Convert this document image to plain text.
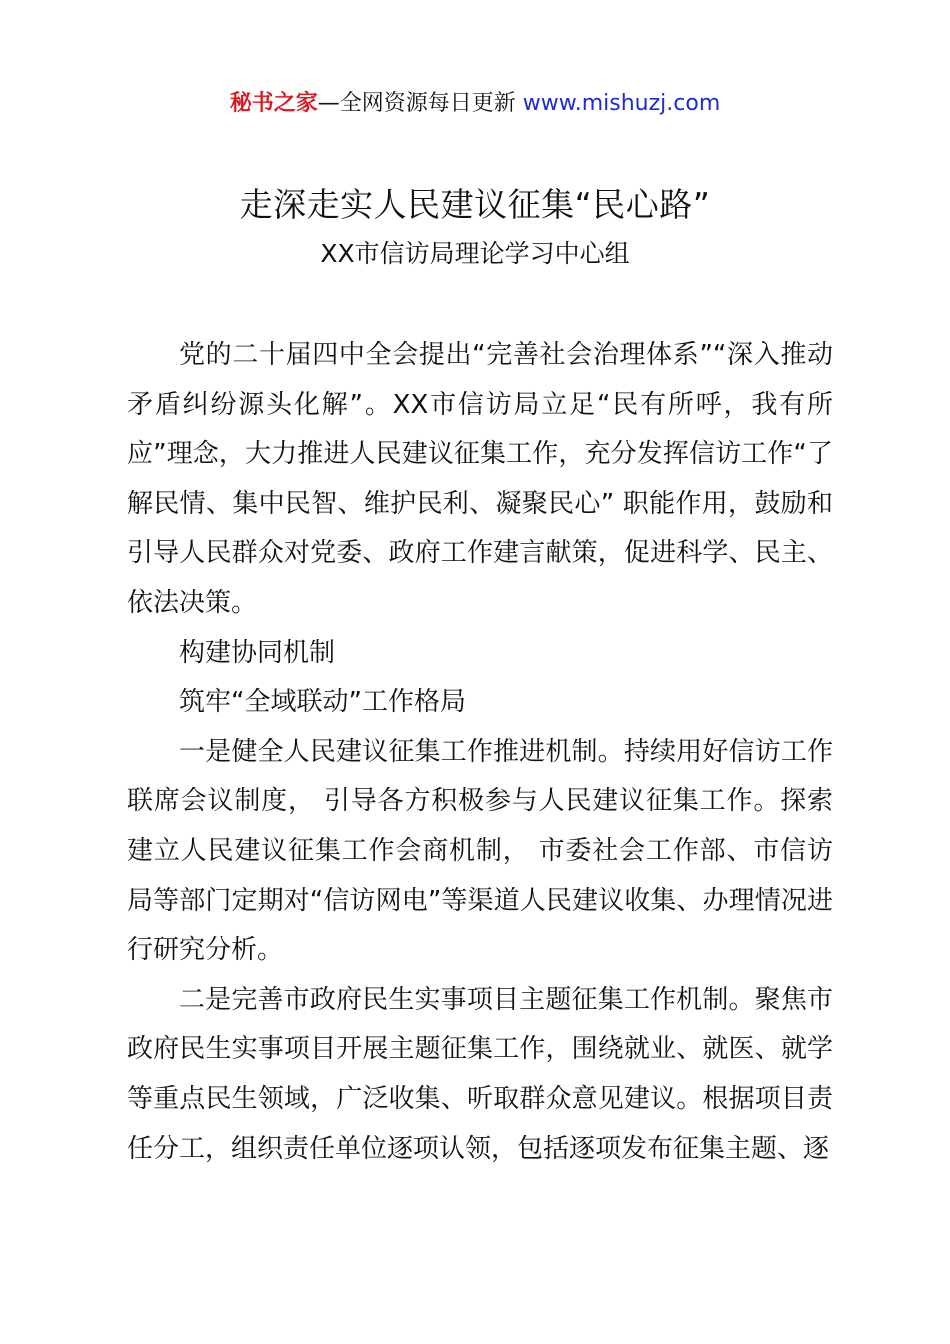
秘书之家—全网资源每日更新 www.mishuzj.com
走深走实人民建议征集“民心路”
XX市信访局理论学习中心组

党的二十届四中全会提出“完善社会治理体系”“深入推动矛盾纠纷源头化解”。XX市信访局立足“民有所呼，我有所应”理念，大力推进人民建议征集工作，充分发挥信访工作“了解民情、集中民智、维护民利、凝聚民心” 职能作用，鼓励和引导人民群众对党委、政府工作建言献策，促进科学、民主、依法决策。

构建协同机制

筑牢“全域联动”工作格局

一是健全人民建议征集工作推进机制。持续用好信访工作联席会议制度， 引导各方积极参与人民建议征集工作。探索建立人民建议征集工作会商机制， 市委社会工作部、市信访局等部门定期对“信访网电”等渠道人民建议收集、办理情况进行研究分析。

二是完善市政府民生实事项目主题征集工作机制。聚焦市政府民生实事项目开展主题征集工作，围绕就业、就医、就学等重点民生领域，广泛收集、听取群众意见建议。根据项目责任分工，组织责任单位逐项认领，包括逐项发布征集主题、逐
